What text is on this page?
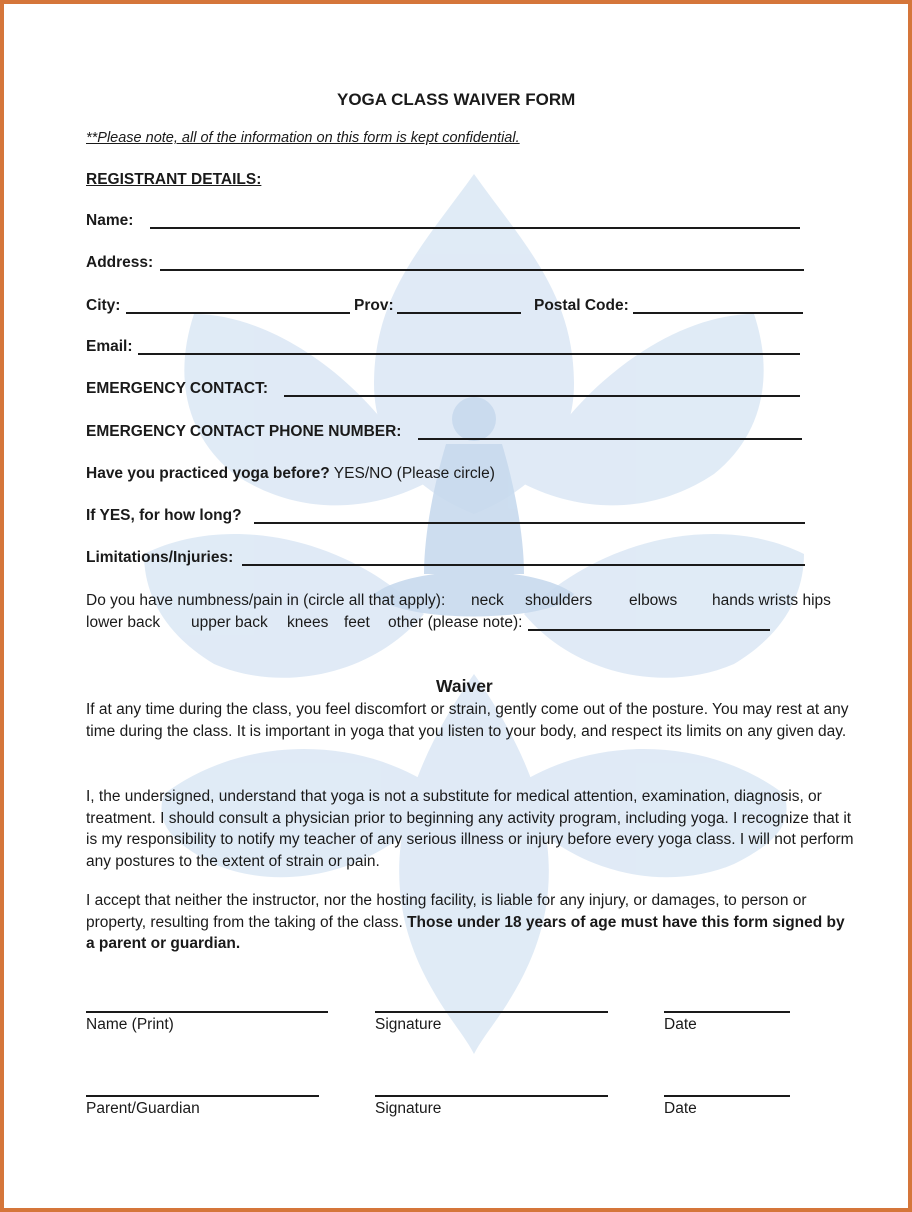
YOGA CLASS WAIVER FORM
**Please note, all of the information on this form is kept confidential.
REGISTRANT DETAILS:
Name:
Address:
City:	Prov:	Postal Code:
Email:
EMERGENCY CONTACT:
EMERGENCY CONTACT PHONE NUMBER:
Have you practiced yoga before? YES/NO (Please circle)
If YES, for how long?
Limitations/Injuries:
Do you have numbness/pain in (circle all that apply): neck shoulders elbows hands wrists hips
lower back upper back knees feet other (please note):
Waiver
If at any time during the class, you feel discomfort or strain, gently come out of the posture. You may rest at any time during the class. It is important in yoga that you listen to your body, and respect its limits on any given day.
I, the undersigned, understand that yoga is not a substitute for medical attention, examination, diagnosis, or treatment. I should consult a physician prior to beginning any activity program, including yoga. I recognize that it is my responsibility to notify my teacher of any serious illness or injury before every yoga class. I will not perform any postures to the extent of strain or pain.
I accept that neither the instructor, nor the hosting facility, is liable for any injury, or damages, to person or property, resulting from the taking of the class. Those under 18 years of age must have this form signed by a parent or guardian.
Name (Print)	Signature	Date
Parent/Guardian	Signature	Date
